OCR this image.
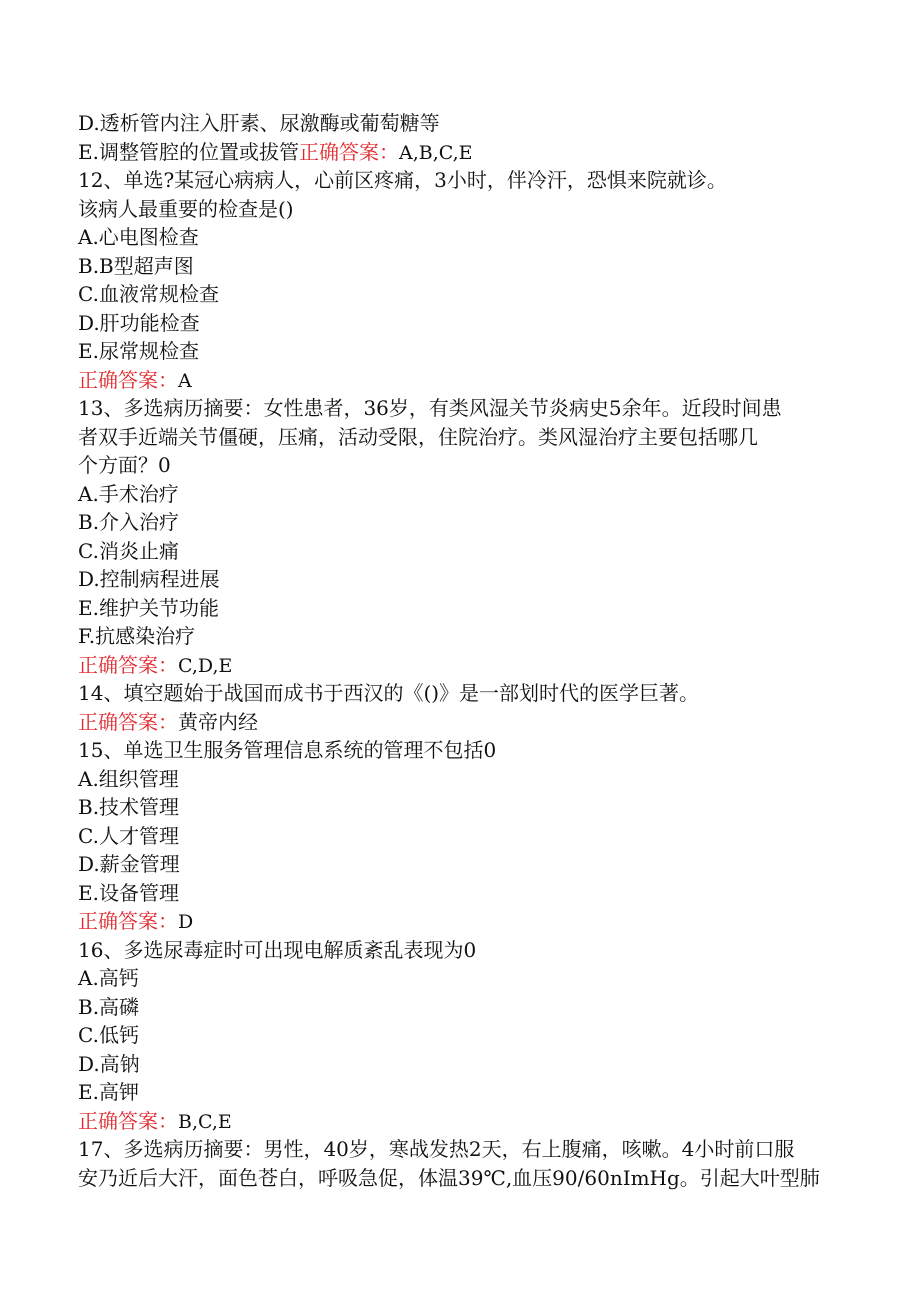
D.透析管内注入肝素、尿激酶或葡萄糖等
E.调整管腔的位置或拔管正确答案：A,B,C,E
12、单选?某冠心病病人，心前区疼痛，3小时，伴冷汗，恐惧来院就诊。
该病人最重要的检查是()
A.心电图检查
B.B型超声图
C.血液常规检查
D.肝功能检查
E.尿常规检查
正确答案：A
13、多选病历摘要：女性患者，36岁，有类风湿关节炎病史5余年。近段时间患
者双手近端关节僵硬，压痛，活动受限，住院治疗。类风湿治疗主要包括哪几
个方面？0
A.手术治疗
B.介入治疗
C.消炎止痛
D.控制病程进展
E.维护关节功能
F.抗感染治疗
正确答案：C,D,E
14、填空题始于战国而成书于西汉的《()》是一部划时代的医学巨著。
正确答案：黄帝内经
15、单选卫生服务管理信息系统的管理不包括0
A.组织管理
B.技术管理
C.人才管理
D.薪金管理
E.设备管理
正确答案：D
16、多选尿毒症时可出现电解质紊乱表现为0
A.高钙
B.高磷
C.低钙
D.高钠
E.高钾
正确答案：B,C,E
17、多选病历摘要：男性，40岁，寒战发热2天，右上腹痛，咳嗽。4小时前口服
安乃近后大汗，面色苍白，呼吸急促，体温39℃,血压90/60nImHg。引起大叶型肺
